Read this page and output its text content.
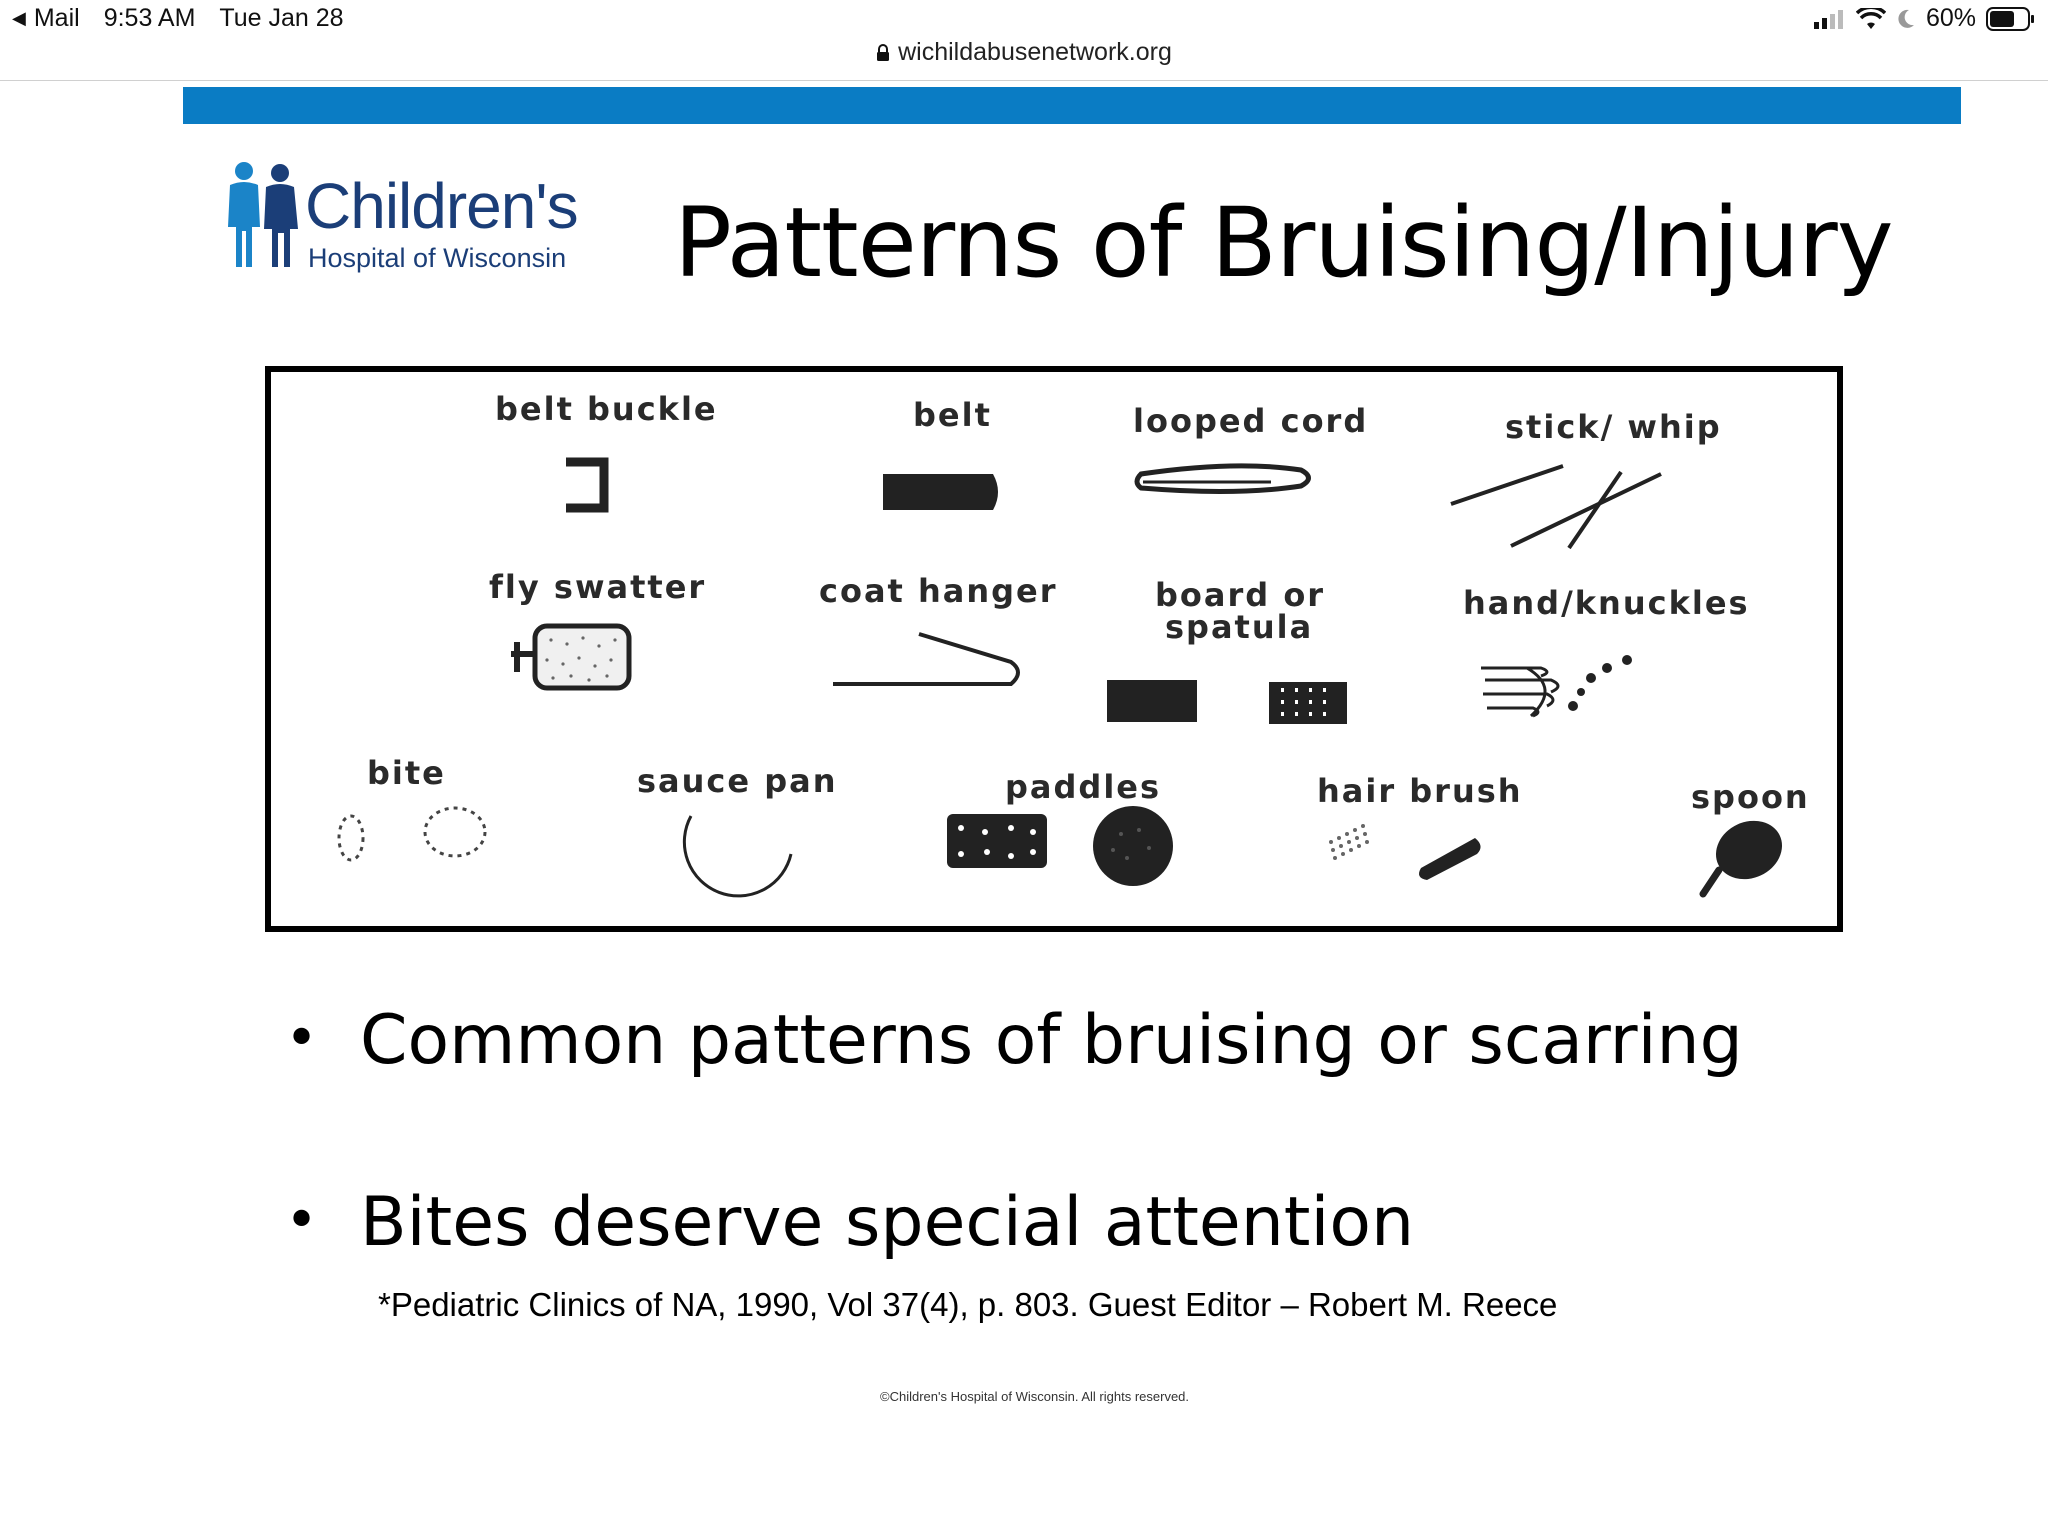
◀ Mail 9:53 AM Tue Jan 28	60%
wichildabusenetwork.org
Children's
Hospital of Wisconsin Patterns of Bruising/Injury
belt buckle	belt	looped cord	stick/ whip
fly swatter	coat hanger	board or
spatula
hand/knuckles
bite	sauce pan	paddles	hair brush	spoon
• Common patterns of bruising or scarring
• Bites deserve special attention
*Pediatric Clinics of NA, 1990, Vol 37(4), p. 803. Guest Editor – Robert M. Reece
©Children's Hospital of Wisconsin. All rights reserved.
